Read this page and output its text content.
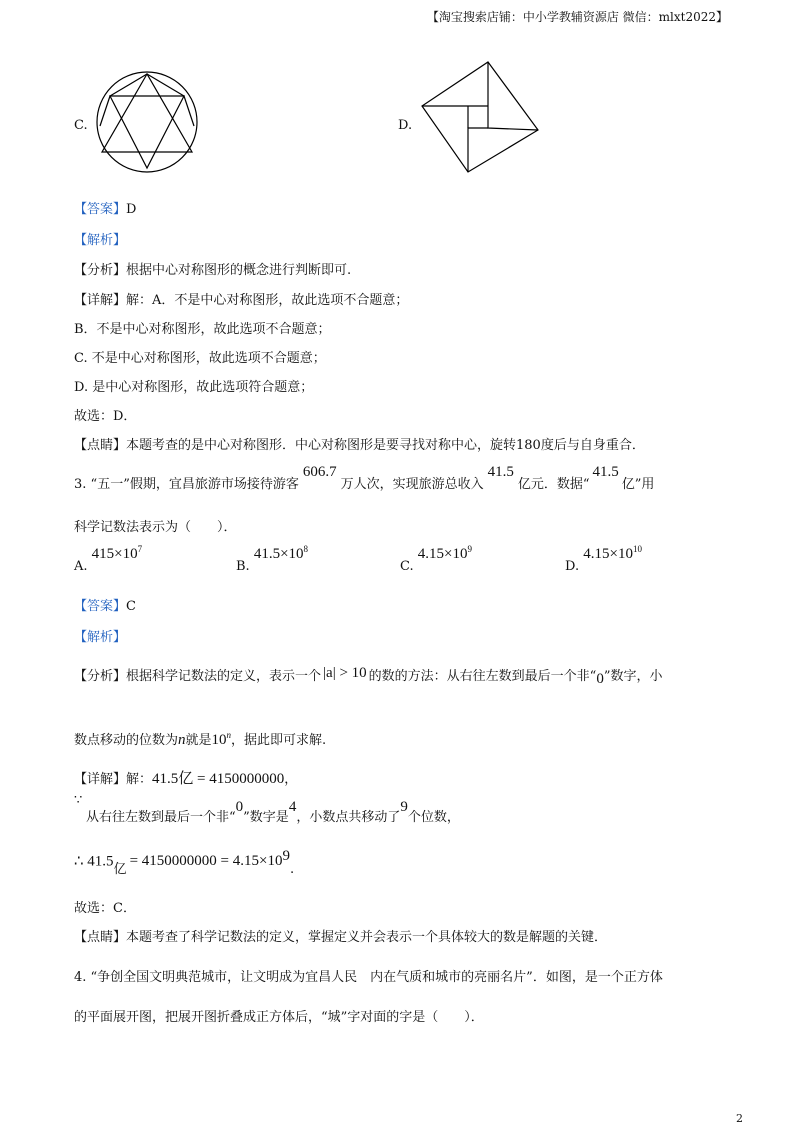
【淘宝搜索店铺：中小学教辅资源店 微信：mlxt2022】
C.	D.
【答案】D
【解析】
【分析】根据中心对称图形的概念进行判断即可.
【详解】解：A．不是中心对称图形，故此选项不合题意；
B．不是中心对称图形，故此选项不合题意；
C. 不是中心对称图形，故此选项不合题意；
D. 是中心对称图形，故此选项符合题意；
故选：D．
【点睛】本题考查的是中心对称图形．中心对称图形是要寻找对称中心，旋转180度后与自身重合．
3. “五一”假期，宜昌旅游市场接待游客606.7万人次，实现旅游总收入41.5亿元．数据“41.5亿”用
科学记数法表示为（　　）．
A. $415\times 10^7$
B. $41.5\times 10^8$
C. $4.15\times 10^9$
D. $4.15\times 10^{10}$
【答案】C
【解析】
【分析】根据科学记数法的定义，表示一个 |a| > 10 的数的方法：从右往左数到最后一个非“0”数字，小
数点移动的位数为n就是10$^n$，据此即可求解.
【详解】解：41.5亿 = 4150000000，
∵
从右往左数到最后一个非“0”数字是4，小数点共移动了9个位数，
∴ 41.5亿= $4150000000 = 4.15\times 10^9$.
故选：C．
【点睛】本题考查了科学记数法的定义，掌握定义并会表示一个具体较大的数是解题的关键．
4. “争创全国文明典范城市，让文明成为宜昌人民　内在气质和城市的亮丽名片”．如图，是一个正方体
的平面展开图，把展开图折叠成正方体后，“城”字对面的字是（　　）．
2
